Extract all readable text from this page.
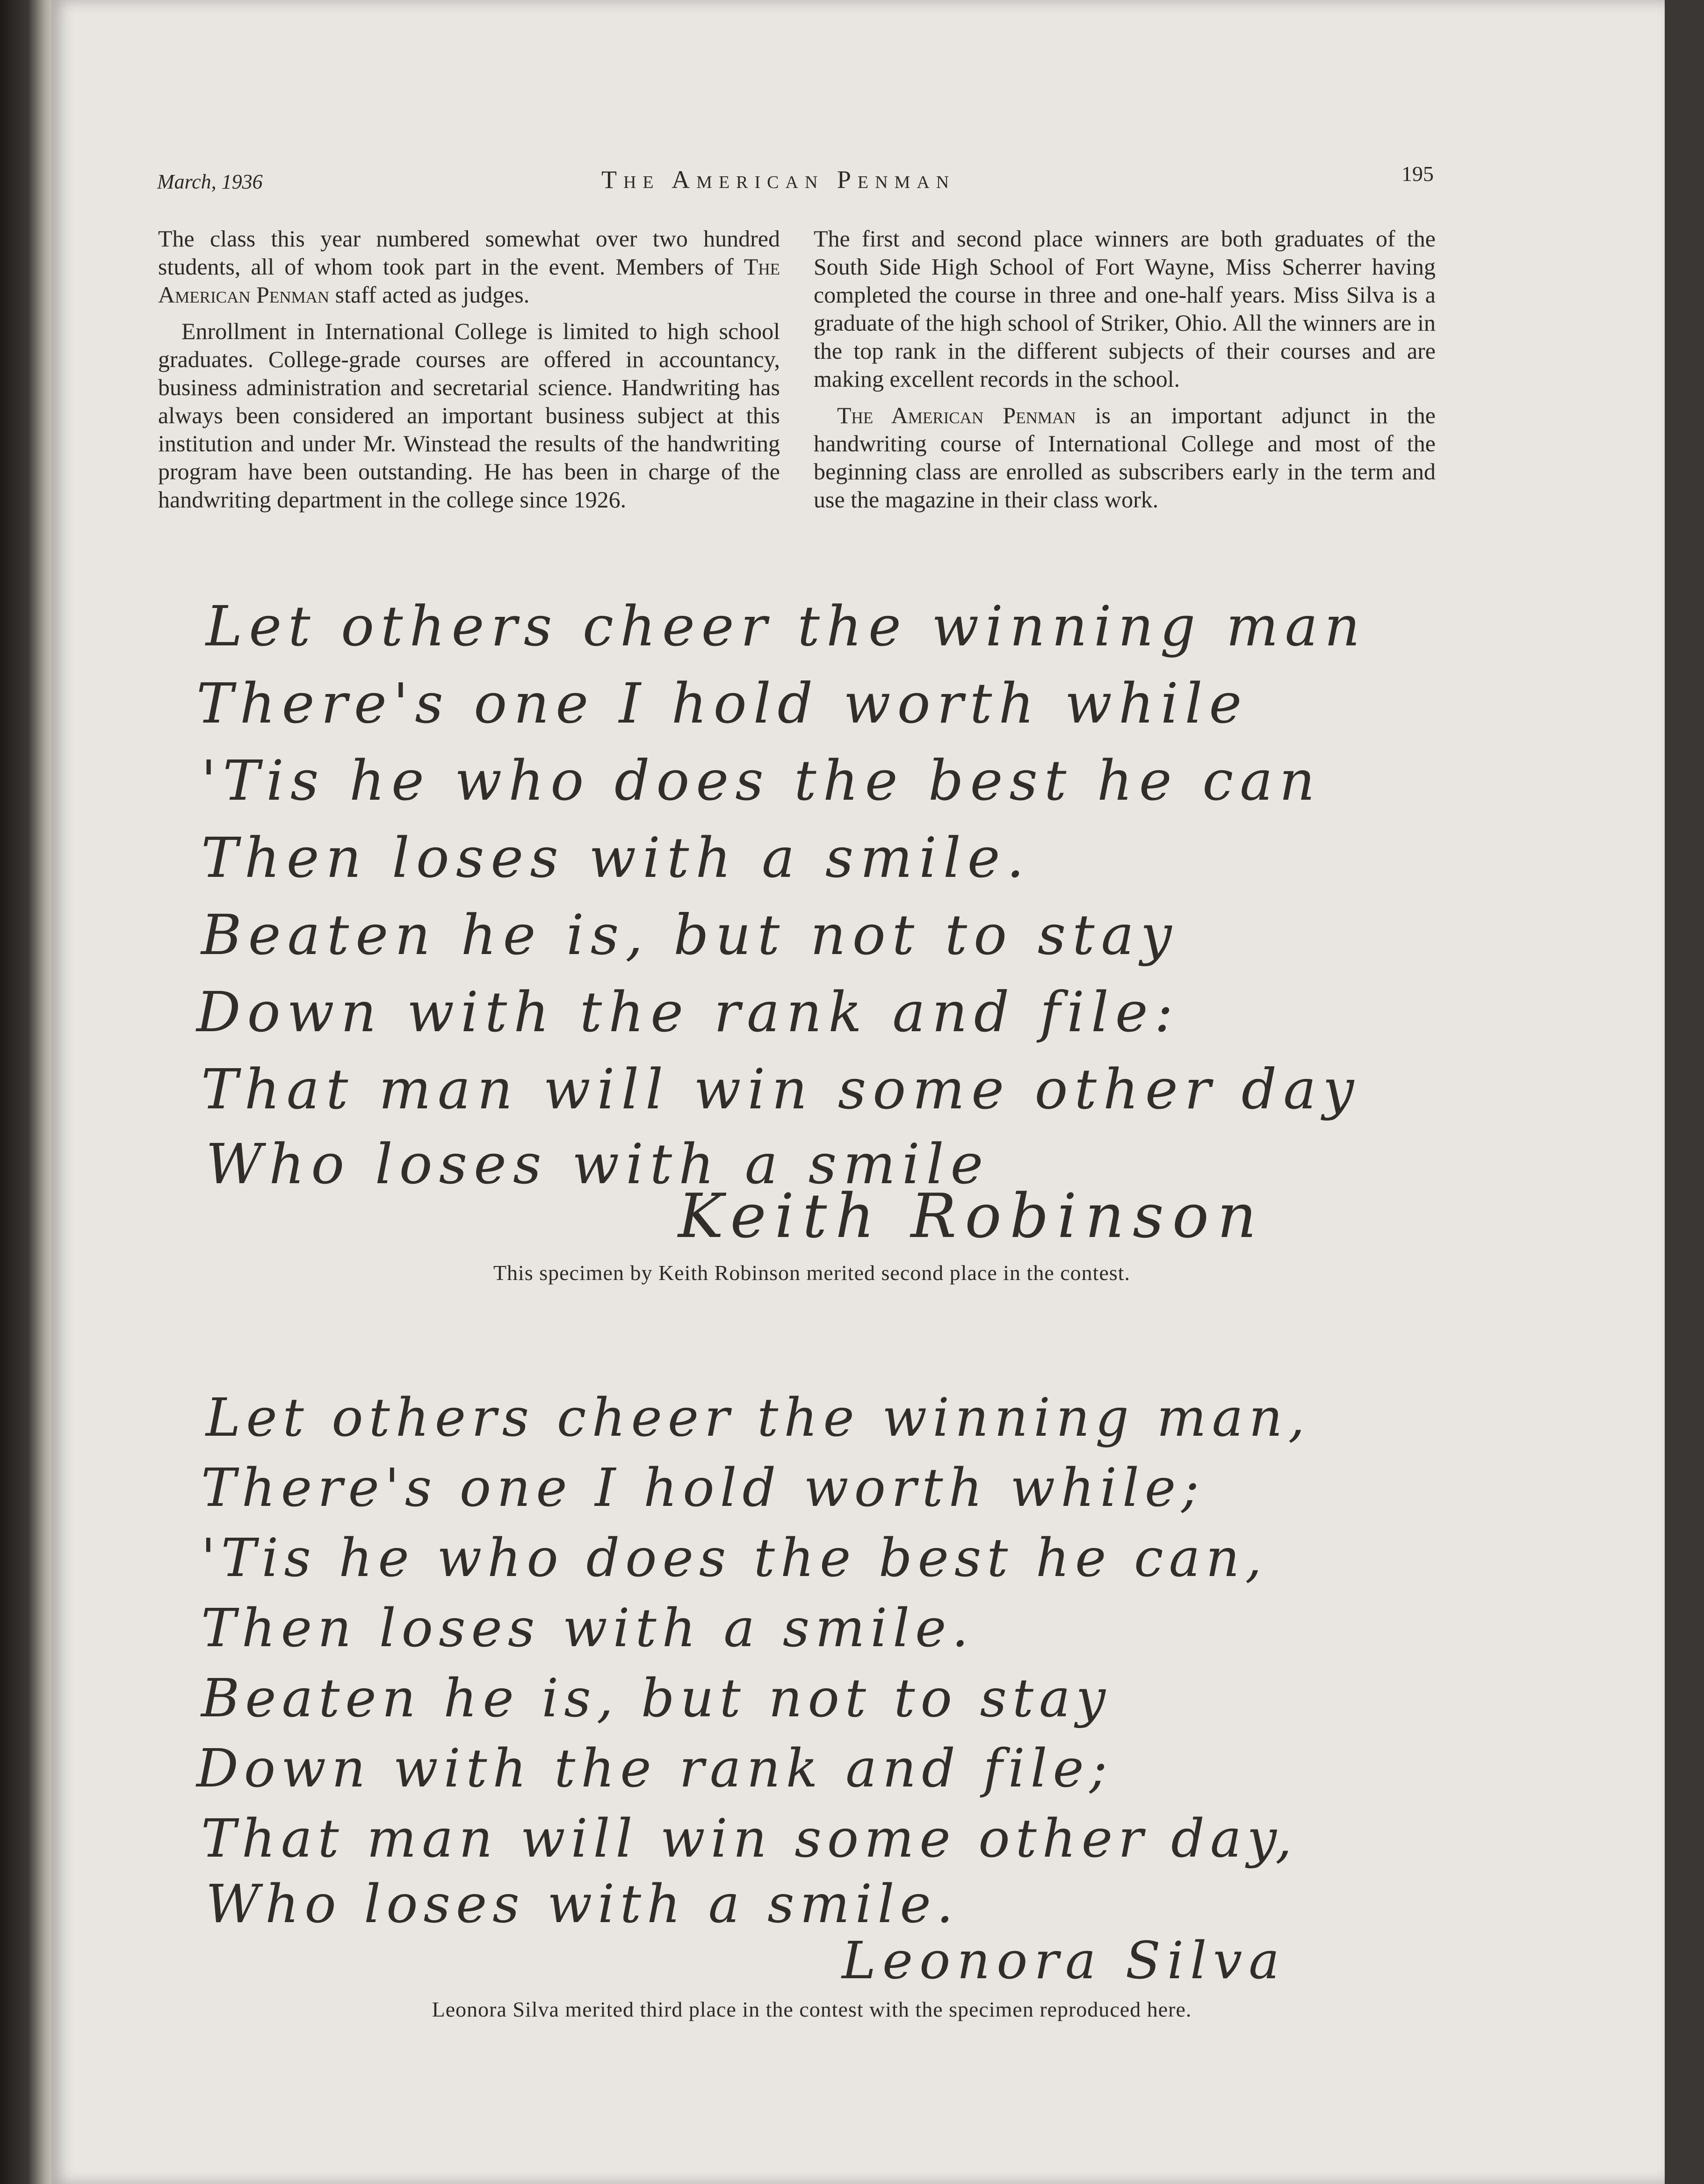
March, 1936	The American Penman	195

The class this year numbered somewhat over two hundred students, all of whom took part in the event. Members of The American Penman staff acted as judges.

Enrollment in International College is limited to high school graduates. College-grade courses are offered in accountancy, business administration and secretarial science. Handwriting has always been considered an important business subject at this institution and under Mr. Winstead the results of the handwriting program have been outstanding. He has been in charge of the handwriting department in the college since 1926.

The first and second place winners are both graduates of the South Side High School of Fort Wayne, Miss Scherrer having completed the course in three and one-half years. Miss Silva is a graduate of the high school of Striker, Ohio. All the winners are in the top rank in the different subjects of their courses and are making excellent records in the school.

The American Penman is an important adjunct in the handwriting course of International College and most of the beginning class are enrolled as subscribers early in the term and use the magazine in their class work.

Let others cheer the winning man
There's one I hold worth while
'Tis he who does the best he can
Then loses with a smile.
Beaten he is, but not to stay
Down with the rank and file:
That man will win some other day
Who loses with a smile
Keith Robinson
This specimen by Keith Robinson merited second place in the contest.
Let others cheer the winning man,
There's one I hold worth while;
'Tis he who does the best he can,
Then loses with a smile.
Beaten he is, but not to stay
Down with the rank and file;
That man will win some other day,
Who loses with a smile.
Leonora Silva
Leonora Silva merited third place in the contest with the specimen reproduced here.
